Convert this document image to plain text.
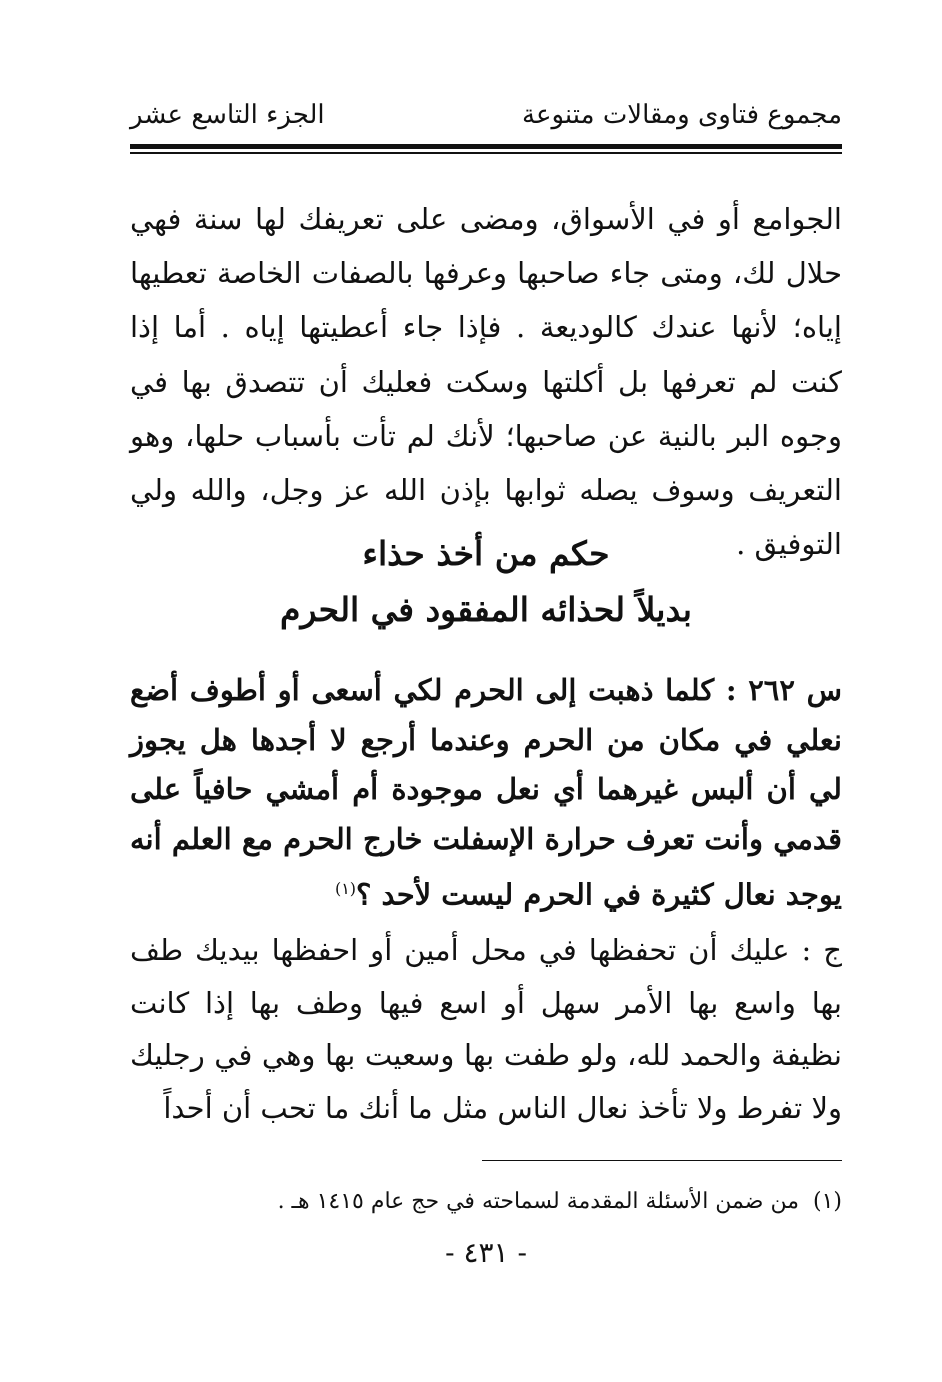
مجموع فتاوى ومقالات متنوعة
الجزء التاسع عشر

الجوامع أو في الأسواق، ومضى على تعريفك لها سنة فهي حلال لك، ومتى جاء صاحبها وعرفها بالصفات الخاصة تعطيها إياه؛ لأنها عندك كالوديعة . فإذا جاء أعطيتها إياه . أما إذا كنت لم تعرفها بل أكلتها وسكت فعليك أن تتصدق بها في وجوه البر بالنية عن صاحبها؛ لأنك لم تأت بأسباب حلها، وهو التعريف وسوف يصله ثوابها بإذن الله عز وجل، والله ولي التوفيق .

حكم من أخذ حذاء
بديلاً لحذائه المفقود في الحرم

س ٢٦٢ : كلما ذهبت إلى الحرم لكي أسعى أو أطوف أضع نعلي في مكان من الحرم وعندما أرجع لا أجدها هل يجوز لي أن ألبس غيرهما أي نعل موجودة أم أمشي حافياً على قدمي وأنت تعرف حرارة الإسفلت خارج الحرم مع العلم أنه يوجد نعال كثيرة في الحرم ليست لأحد ؟$^{(١)}$

ج : عليك أن تحفظها في محل أمين أو احفظها بيديك طف بها واسع بها الأمر سهل أو اسع فيها وطف بها إذا كانت نظيفة والحمد لله، ولو طفت بها وسعيت بها وهي في رجليك ولا تفرط ولا تأخذ نعال الناس مثل ما أنك ما تحب أن أحداً

(١)  من ضمن الأسئلة المقدمة لسماحته في حج عام ١٤١٥ هـ .
- ٤٣١ -
